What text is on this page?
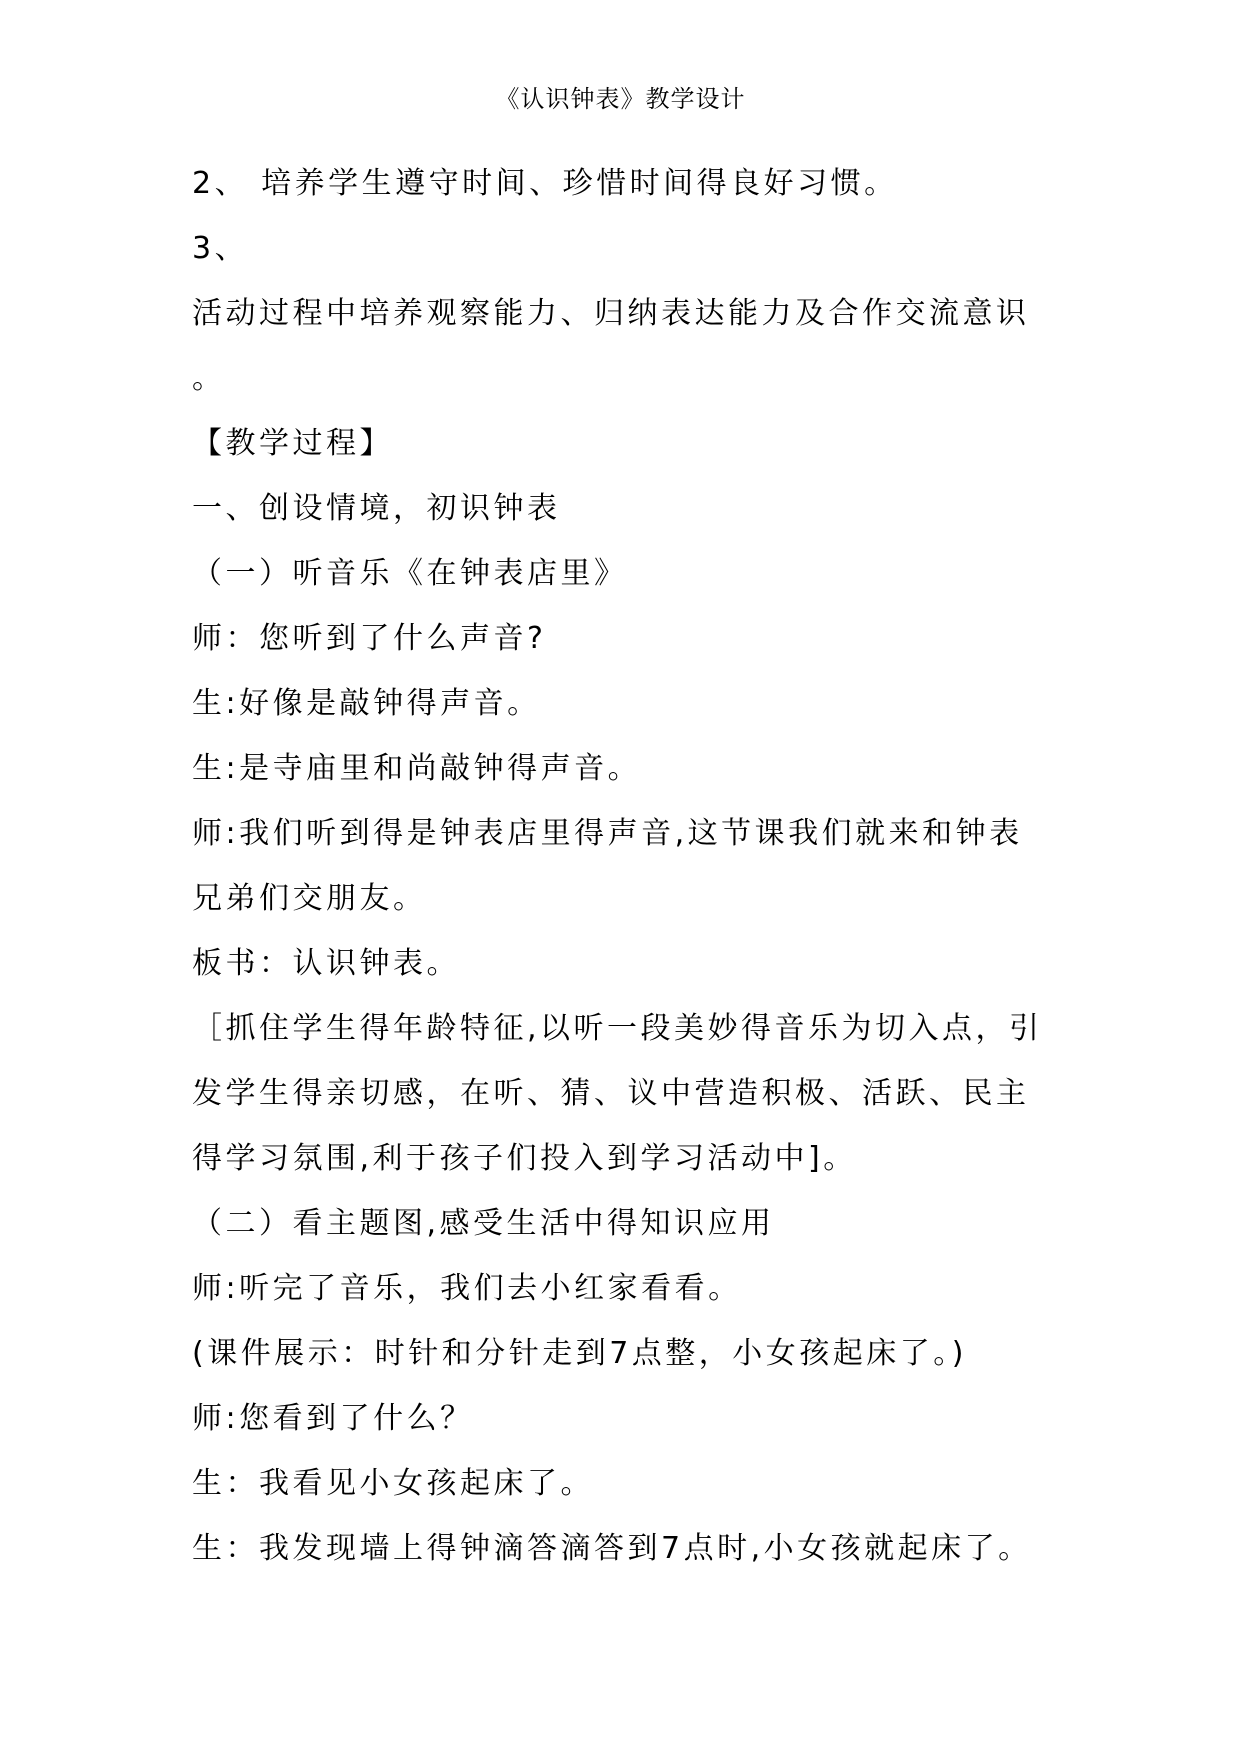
《认识钟表》教学设计
2、 培养学生遵守时间、珍惜时间得良好习惯。
3、
活动过程中培养观察能力、归纳表达能力及合作交流意识
。
【教学过程】
一、创设情境，初识钟表
（一）听音乐《在钟表店里》
师：您听到了什么声音?
生:好像是敲钟得声音。
生:是寺庙里和尚敲钟得声音。
师:我们听到得是钟表店里得声音,这节课我们就来和钟表
兄弟们交朋友。
板书：认识钟表。
［抓住学生得年龄特征,以听一段美妙得音乐为切入点，引
发学生得亲切感，在听、猜、议中营造积极、活跃、民主
得学习氛围,利于孩子们投入到学习活动中]。
（二）看主题图,感受生活中得知识应用
师:听完了音乐，我们去小红家看看。
(课件展示：时针和分针走到7点整，小女孩起床了。)
师:您看到了什么？
生：我看见小女孩起床了。
生：我发现墙上得钟滴答滴答到7点时,小女孩就起床了。
